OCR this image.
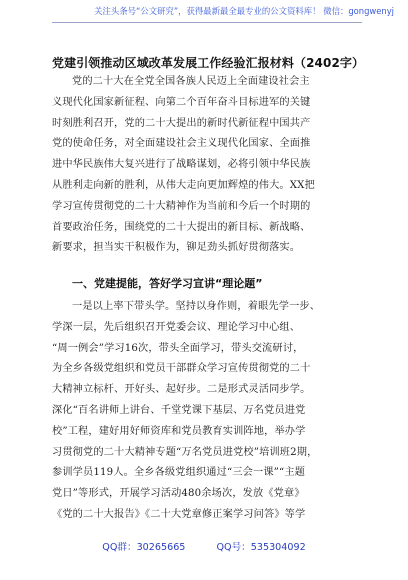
关注头条号“公文研究”，获得最新最全最专业的公文资料库！ 微信：gongwenyj
党建引领推动区域改革发展工作经验汇报材料（2402字）
党的二十大在全党全国各族人民迈上全面建设社会主
义现代化国家新征程、向第二个百年奋斗目标进军的关键
时刻胜利召开，党的二十大提出的新时代新征程中国共产
党的使命任务，对全面建设社会主义现代化国家、全面推
进中华民族伟大复兴进行了战略谋划，必将引领中华民族
从胜利走向新的胜利，从伟大走向更加辉煌的伟大。XX把
学习宣传贯彻党的二十大精神作为当前和今后一个时期的
首要政治任务，围绕党的二十大提出的新目标、新战略、
新要求，担当实干积极作为，铆足劲头抓好贯彻落实。
一、党建提能，答好学习宣讲“理论题”
一是以上率下带头学。坚持以身作则，着眼先学一步、
学深一层，先后组织召开党委会议、理论学习中心组、
“周一例会”学习16次，带头全面学习，带头交流研讨，
为全乡各级党组织和党员干部群众学习宣传贯彻党的二十
大精神立标杆、开好头、起好步。二是形式灵活同步学。
深化“百名讲师上讲台、千堂党课下基层、万名党员进党
校”工程，建好用好师资库和党员教育实训阵地，举办学
习贯彻党的二十大精神专题“万名党员进党校”培训班2期，
参训学员119人。全乡各级党组织通过“三会一课”“主题
党日”等形式，开展学习活动480余场次，发放《党章》
《党的二十大报告》《二十大党章修正案学习问答》等学
QQ群：30265665	QQ号：535304092
